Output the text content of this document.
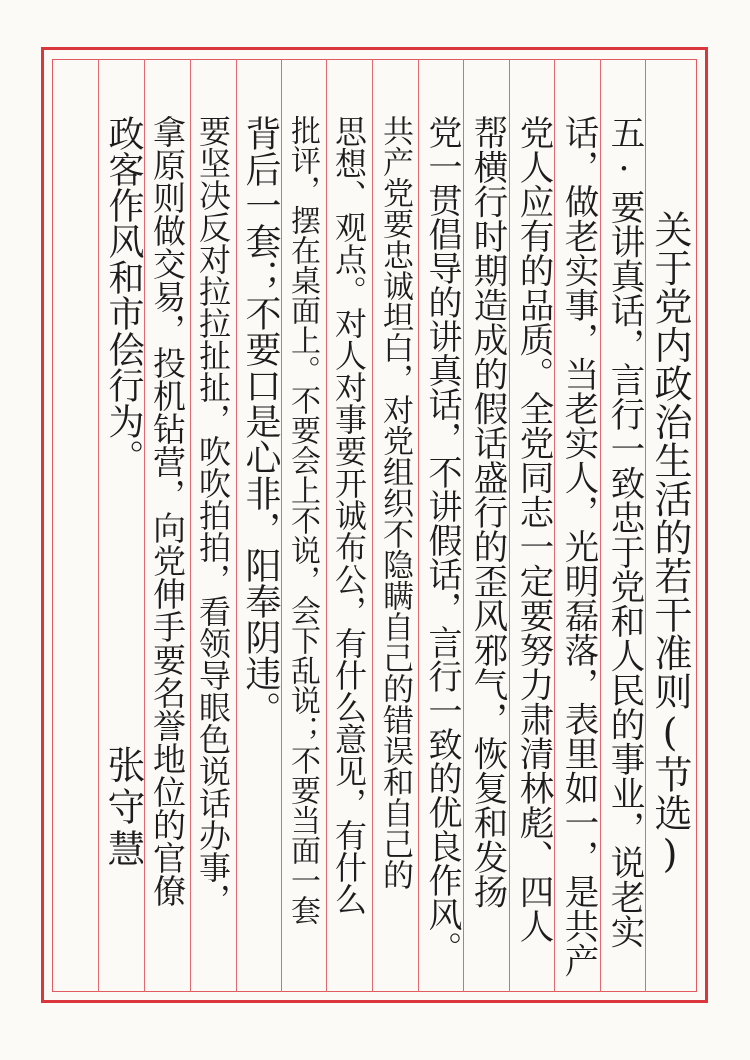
关于党内政治生活的若干准则(节选)
五·要讲真话，言行一致忠于党和人民的事业，说老实
话，做老实事，当老实人，光明磊落，表里如一，是共产
党人应有的品质。全党同志一定要努力肃清林彪、四人
帮横行时期造成的假话盛行的歪风邪气，恢复和发扬
党一贯倡导的讲真话，不讲假话，言行一致的优良作风。
共产党要忠诚坦白，对党组织不隐瞒自己的错误和自己的
思想、观点。对人对事要开诚布公，有什么意见，有什么
批评，摆在桌面上。不要会上不说，会下乱说；不要当面一套
背后一套；不要口是心非，阳奉阴违。
要坚决反对拉拉扯扯，吹吹拍拍，看领导眼色说话办事，
拿原则做交易，投机钻营，向党伸手要名誉地位的官僚
政客作风和市侩行为。
张守慧
